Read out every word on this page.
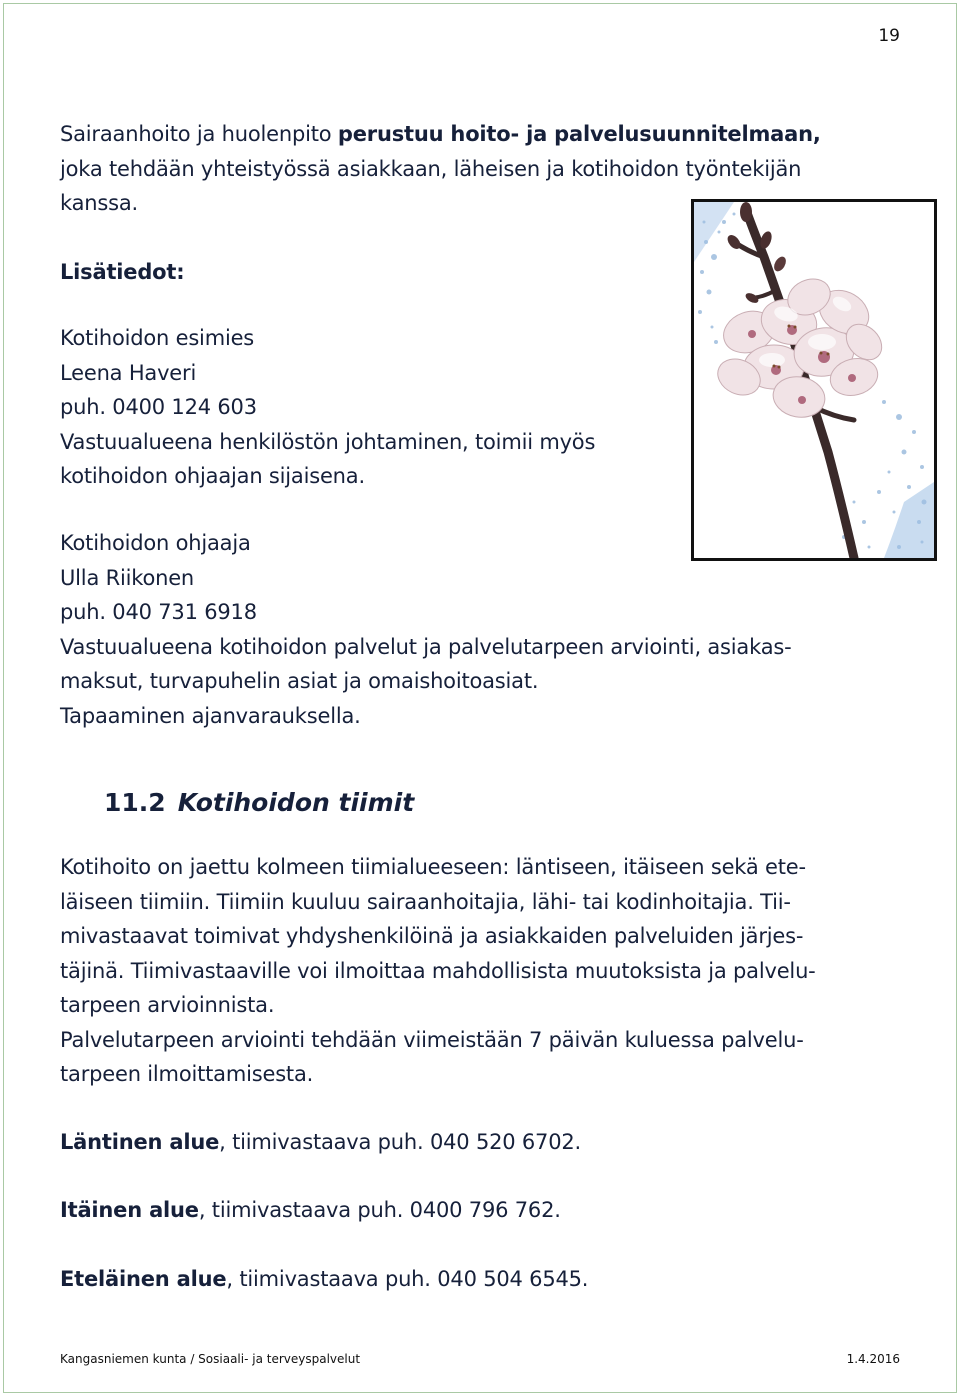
19

Sairaanhoito ja huolenpito perustuu hoito- ja palvelusuunnitelmaan,

joka tehdään yhteistyössä asiakkaan, läheisen ja kotihoidon työntekijän

kanssa.

Lisätiedot:

Kotihoidon esimies

Leena Haveri

puh. 0400 124 603

Vastuualueena henkilöstön johtaminen, toimii myös

kotihoidon ohjaajan sijaisena.

Kotihoidon ohjaaja

Ulla Riikonen

puh. 040 731 6918

Vastuualueena kotihoidon palvelut ja palvelutarpeen arviointi, asiakas-

maksut, turvapuhelin asiat ja omaishoitoasiat.

Tapaaminen ajanvarauksella.

11.2 Kotihoidon tiimit

Kotihoito on jaettu kolmeen tiimialueeseen: läntiseen, itäiseen sekä ete-

läiseen tiimiin. Tiimiin kuuluu sairaanhoitajia, lähi- tai kodinhoitajia. Tii-

mivastaavat toimivat yhdyshenkilöinä ja asiakkaiden palveluiden järjes-

täjinä. Tiimivastaaville voi ilmoittaa mahdollisista muutoksista ja palvelu-

tarpeen arvioinnista.

Palvelutarpeen arviointi tehdään viimeistään 7 päivän kuluessa palvelu-

tarpeen ilmoittamisesta.

Läntinen alue, tiimivastaava puh. 040 520 6702.

Itäinen alue, tiimivastaava puh. 0400 796 762.

Eteläinen alue, tiimivastaava puh. 040 504 6545.

Kangasniemen kunta / Sosiaali- ja terveyspalvelut	1.4.2016
